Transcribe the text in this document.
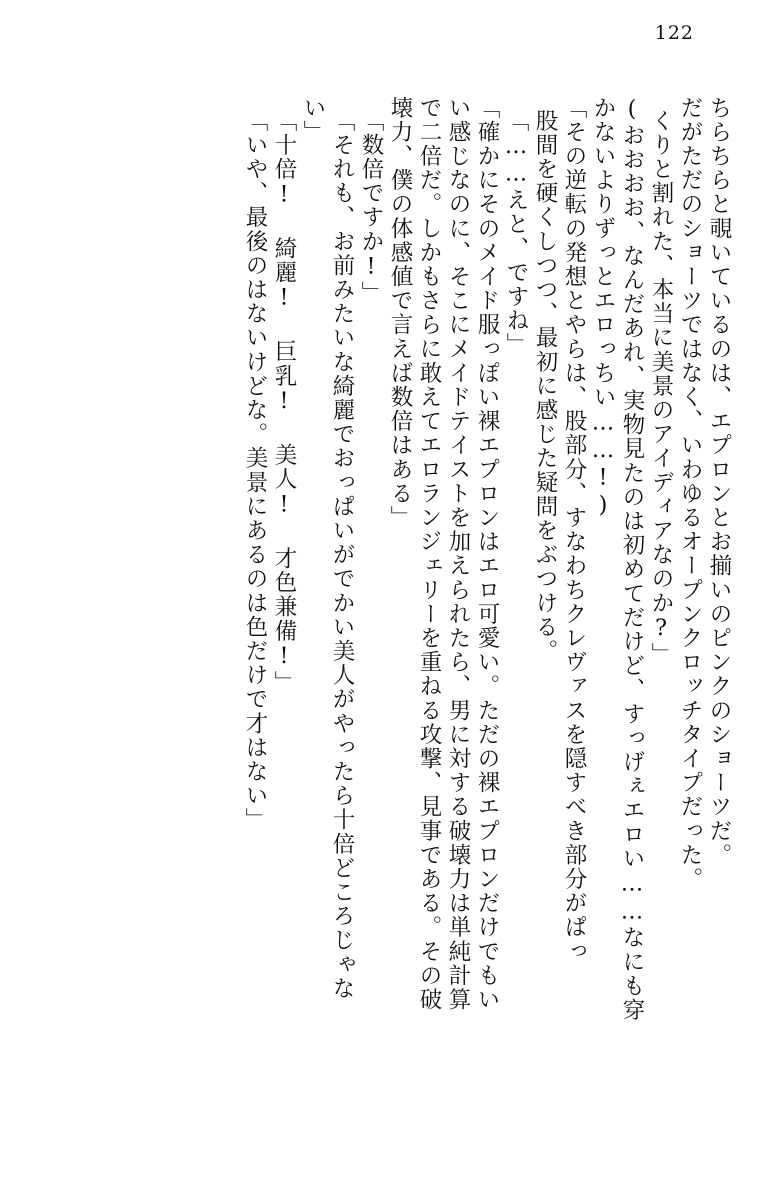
122
ちらちらと覗いているのは、エプロンとお揃いのピンクのショーツだ。
だがただのショーツではなく、いわゆるオープンクロッチタイプだった。
くりと割れた、本当に美景のアイディアなのか?」
(おおおお、なんだあれ、実物見たのは初めてだけど、すっげぇエロい……なにも穿
かないよりずっとエロっちい……!)
「その逆転の発想とやらは、股部分、すなわちクレヴァスを隠すべき部分がぱっ
股間を硬くしつつ、最初に感じた疑問をぶつける。
「……えと、ですね」
「確かにそのメイド服っぽい裸エプロンはエロ可愛い。ただの裸エプロンだけでもい
い感じなのに、そこにメイドテイストを加えられたら、男に対する破壊力は単純計算
で二倍だ。しかもさらに敢えてエロランジェリーを重ねる攻撃、見事である。その破
壊力、僕の体感値で言えば数倍はある」
「数倍ですか!」
「それも、お前みたいな綺麗でおっぱいがでかい美人がやったら十倍どころじゃな
い」
「十倍! 綺麗! 巨乳! 美人! 才色兼備!」
「いや、最後のはないけどな。美景にあるのは色だけで才はない」
